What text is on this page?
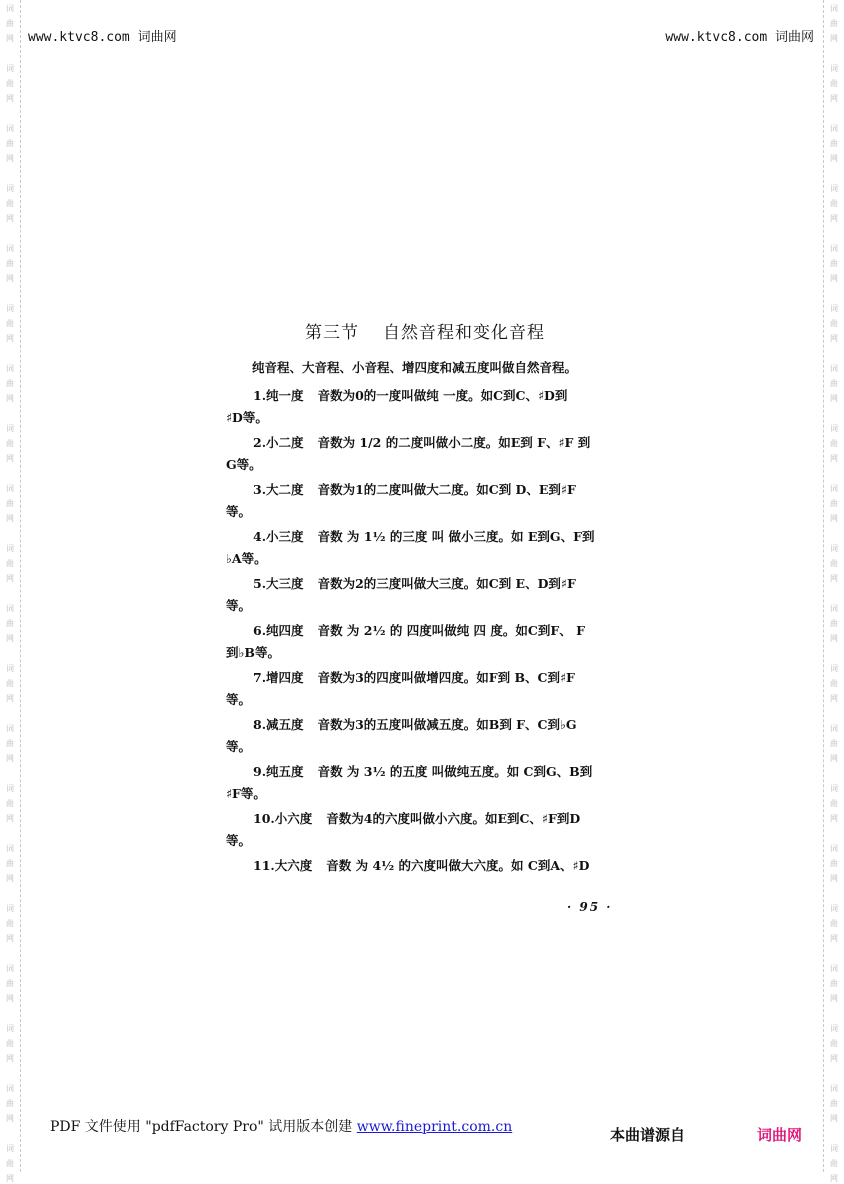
词
曲
网
词
曲
网
词
曲
网
词
曲
网
词
曲
网
词
曲
网
词
曲
网
词
曲
网
词
曲
网
词
曲
网
词
曲
网
词
曲
网
词
曲
网
词
曲
网
词
曲
网
词
曲
网
词
曲
网
词
曲
网
词
曲
网
词
曲
网
词
曲
网
词
曲
网
词
曲
网
词
曲
网
词
曲
网
词
曲
网
词
曲
网
词
曲
网
词
曲
网
词
曲
网
词
曲
网
词
曲
网
词
曲
网
词
曲
网
词
曲
网
词
曲
网
词
曲
网
词
曲
网
词
曲
网
词
曲
网
www.ktvc8.com 词曲网	www.ktvc8.com 词曲网
第三节 自然音程和变化音程

纯音程、大音程、小音程、增四度和减五度叫做自然音程。

1.纯一度 音数为0的一度叫做纯 一度。如C到C、♯D到
♯D等。
2.小二度 音数为 1/2 的二度叫做小二度。如E到 F、♯F 到
G等。
3.大二度 音数为1的二度叫做大二度。如C到 D、E到♯F
等。
4.小三度 音数 为 1½ 的三度 叫 做小三度。如 E到G、F到
♭A等。
5.大三度 音数为2的三度叫做大三度。如C到 E、D到♯F
等。
6.纯四度 音数 为 2½ 的 四度叫做纯 四 度。如C到F、 F
到♭B等。
7.增四度 音数为3的四度叫做增四度。如F到 B、C到♯F
等。
8.减五度 音数为3的五度叫做减五度。如B到 F、C到♭G
等。
9.纯五度 音数 为 3½ 的五度 叫做纯五度。如 C到G、B到
♯F等。
10.小六度 音数为4的六度叫做小六度。如E到C、♯F到D
等。
11.大六度 音数 为 4½ 的六度叫做大六度。如 C到A、♯D
· 95 ·
PDF 文件使用 "pdfFactory Pro" 试用版本创建 www.fineprint.com.cn	本曲谱源自	词曲网
